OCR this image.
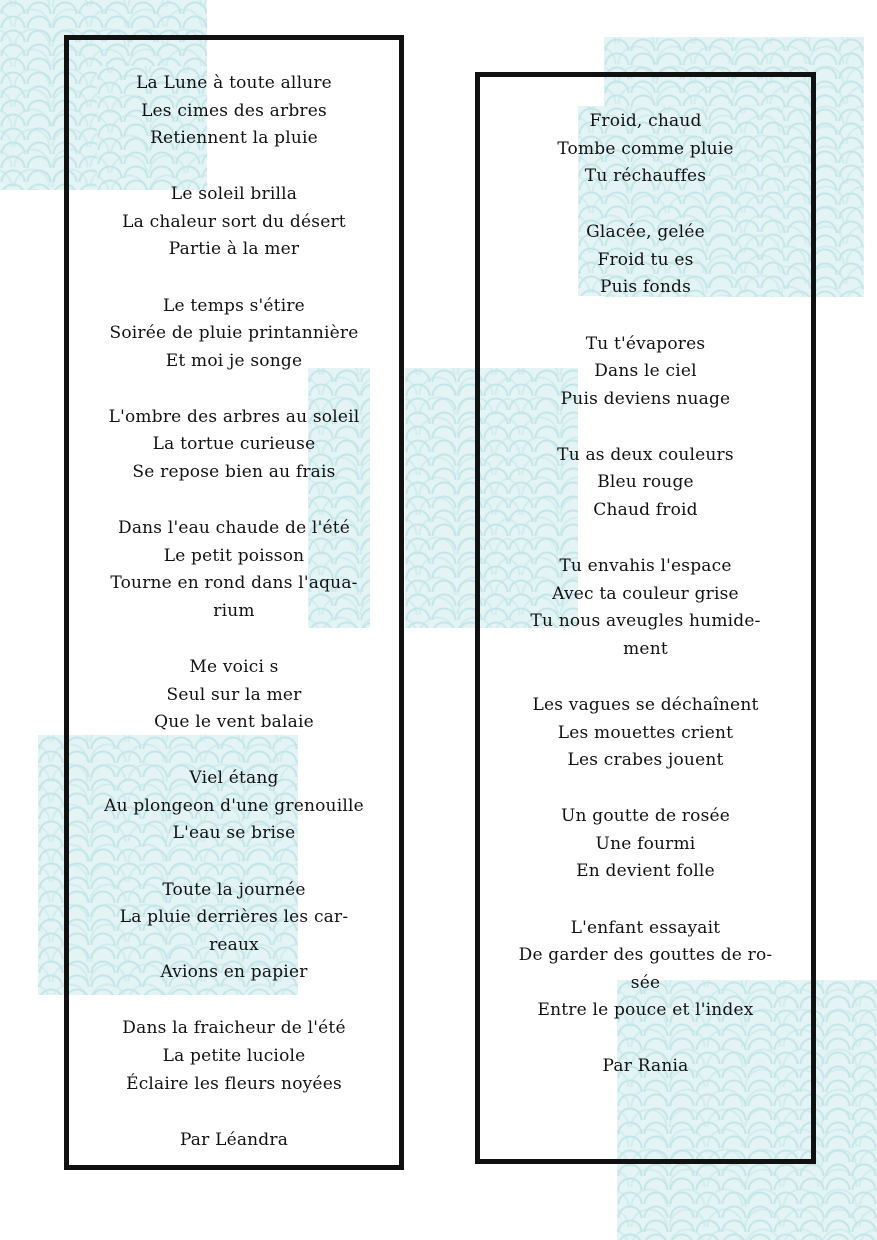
La Lune à toute allure
Les cimes des arbres
Retiennent la pluie
Le soleil brilla
La chaleur sort du désert
Partie à la mer
Le temps s'étire
Soirée de pluie printannière
Et moi je songe
L'ombre des arbres au soleil
La tortue curieuse
Se repose bien au frais
Dans l'eau chaude de l'été
Le petit poisson
Tourne en rond dans l'aqua-
rium
Me voici s
Seul sur la mer
Que le vent balaie
Viel étang
Au plongeon d'une grenouille
L'eau se brise
Toute la journée
La pluie derrières les car-
reaux
Avions en papier
Dans la fraicheur de l'été
La petite luciole
Éclaire les fleurs noyées
Par Léandra
Froid, chaud
Tombe comme pluie
Tu réchauffes
Glacée, gelée
Froid tu es
Puis fonds
Tu t'évapores
Dans le ciel
Puis deviens nuage
Tu as deux couleurs
Bleu rouge
Chaud froid
Tu envahis l'espace
Avec ta couleur grise
Tu nous aveugles humide-
ment
Les vagues se déchaînent
Les mouettes crient
Les crabes jouent
Un goutte de rosée
Une fourmi
En devient folle
L'enfant essayait
De garder des gouttes de ro-
sée
Entre le pouce et l'index
Par Rania
